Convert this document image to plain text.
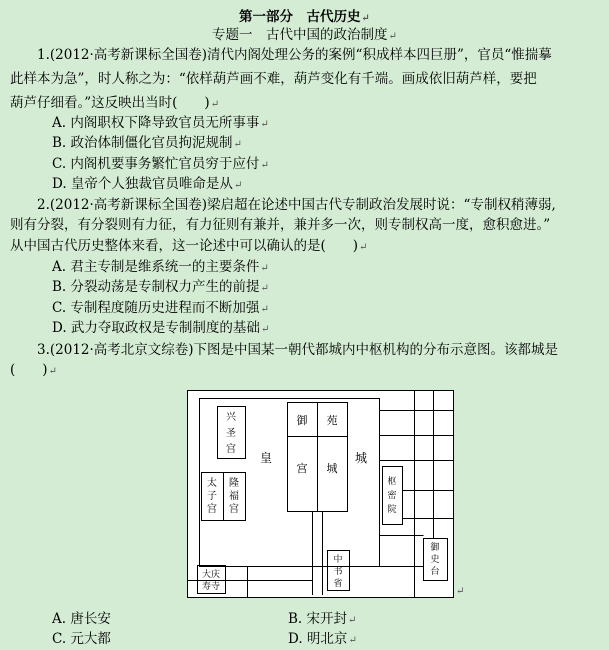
第一部分　古代历史↵
专题一　古代中国的政治制度↵
1.(2012·高考新课标全国卷)清代内阁处理公务的案例“积成样本四巨册”，官员“惟揣摹
此样本为急”，时人称之为：“依样葫芦画不难，葫芦变化有千端。画成依旧葫芦样，要把
葫芦仔细看。”这反映出当时(　　)↵
A. 内阁职权下降导致官员无所事事↵
B. 政治体制僵化官员拘泥规制↵
C. 内阁机要事务繁忙官员穷于应付↵
D. 皇帝个人独裁官员唯命是从↵
2.(2012·高考新课标全国卷)梁启超在论述中国古代专制政治发展时说：“专制权稍薄弱,
则有分裂，有分裂则有力征，有力征则有兼并，兼并多一次，则专制权高一度，愈积愈进。”
从中国古代历史整体来看，这一论述中可以确认的是(　　)↵
A. 君主专制是维系统一的主要条件↵
B. 分裂动荡是专制权力产生的前提↵
C. 专制程度随历史进程而不断加强↵
D. 武力夺取政权是专制制度的基础↵
3.(2012·高考北京文综卷)下图是中国某一朝代都城内中枢机构的分布示意图。该都城是
(　　)↵
兴
圣
宫
皇	城
御 苑
宫 城
太
子
宫
隆
福
宫
枢
密
院
中
书
省
御
史
台
大庆
寿寺	↵
A. 唐长安	B. 宋开封↵
C. 元大都	D. 明北京↵
